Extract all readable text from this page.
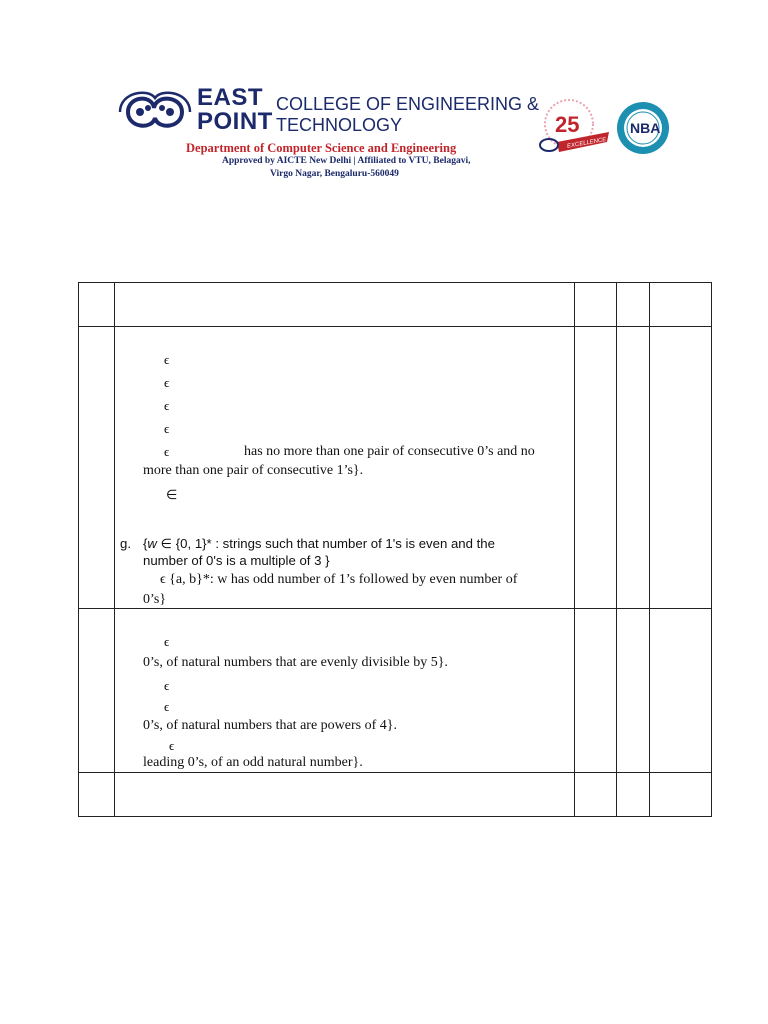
EAST
POINT
COLLEGE OF ENGINEERING &
TECHNOLOGY
Department of Computer Science and Engineering
Approved by AICTE New Delhi | Affiliated to VTU, Belagavi,
Virgo Nagar, Bengaluru-560049
25
EXCELLENCE
NBA
ϵ
ϵ
ϵ
ϵ
ϵ	has no more than one pair of consecutive 0’s and no
more than one pair of consecutive 1’s}.
∈
g. {w ∈ {0, 1}* : strings such that number of 1's is even and the
number of 0's is a multiple of 3 }
ϵ {a, b}*: w has odd number of 1’s followed by even number of
0’s}
ϵ
0’s, of natural numbers that are evenly divisible by 5}.
ϵ
ϵ
0’s, of natural numbers that are powers of 4}.
ϵ
leading 0’s, of an odd natural number}.
